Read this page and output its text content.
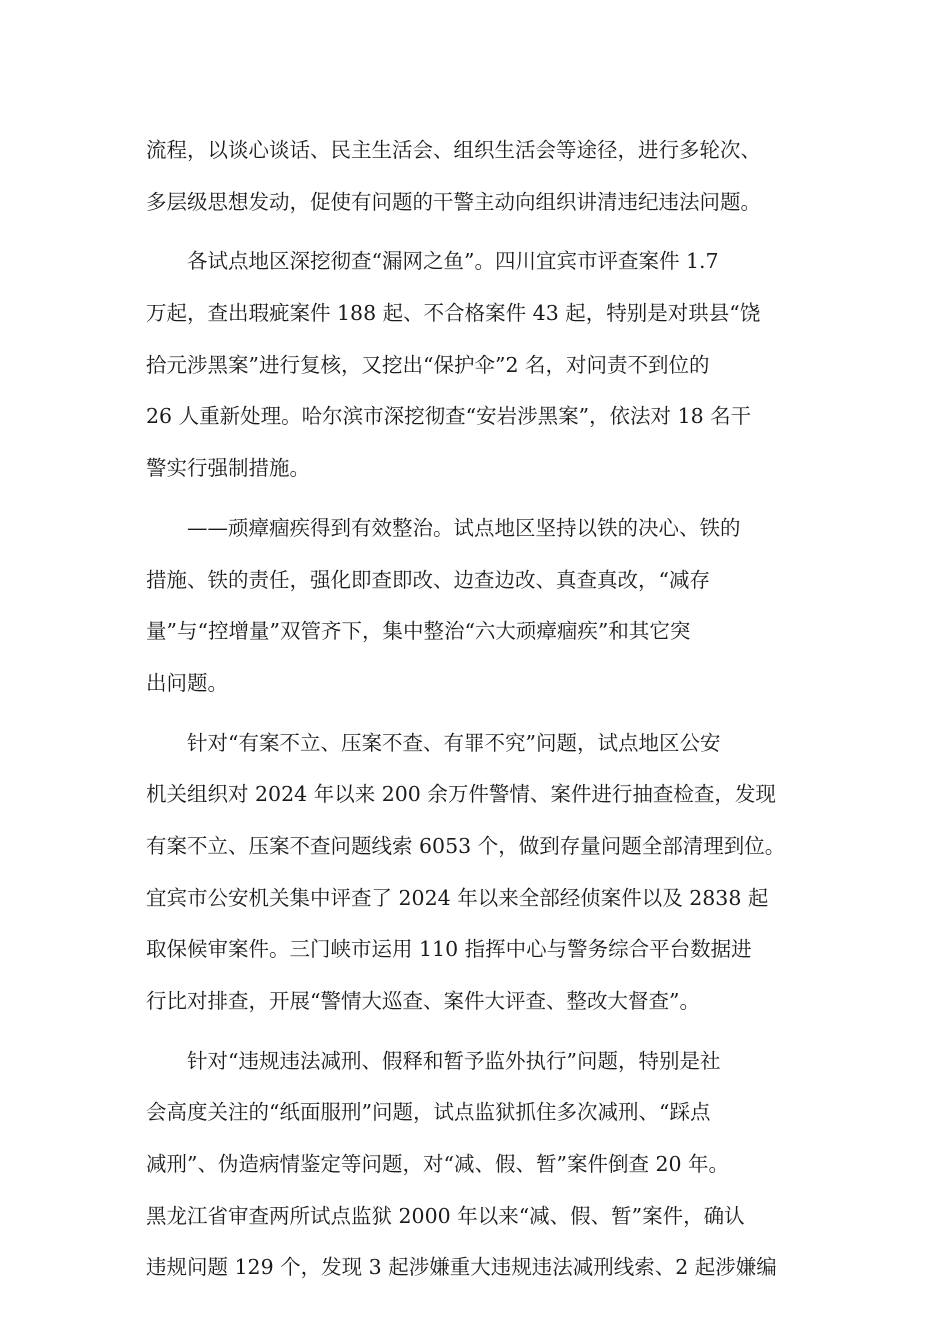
流程，以谈心谈话、民主生活会、组织生活会等途径，进行多轮次、
多层级思想发动，促使有问题的干警主动向组织讲清违纪违法问题。
各试点地区深挖彻查“漏网之鱼”。四川宜宾市评查案件 1.7
万起，查出瑕疵案件 188 起、不合格案件 43 起，特别是对珙县“饶
拾元涉黑案”进行复核，又挖出“保护伞”2 名，对问责不到位的
26 人重新处理。哈尔滨市深挖彻查“安岩涉黑案”，依法对 18 名干
警实行强制措施。
——顽瘴痼疾得到有效整治。试点地区坚持以铁的决心、铁的
措施、铁的责任，强化即查即改、边查边改、真查真改，“减存
量”与“控增量”双管齐下，集中整治“六大顽瘴痼疾”和其它突
出问题。
针对“有案不立、压案不查、有罪不究”问题，试点地区公安
机关组织对 2024 年以来 200 余万件警情、案件进行抽查检查，发现
有案不立、压案不查问题线索 6053 个，做到存量问题全部清理到位。
宜宾市公安机关集中评查了 2024 年以来全部经侦案件以及 2838 起
取保候审案件。三门峡市运用 110 指挥中心与警务综合平台数据进
行比对排查，开展“警情大巡查、案件大评查、整改大督查”。
针对“违规违法减刑、假释和暂予监外执行”问题，特别是社
会高度关注的“纸面服刑”问题，试点监狱抓住多次减刑、“踩点
减刑”、伪造病情鉴定等问题，对“减、假、暂”案件倒查 20 年。
黑龙江省审查两所试点监狱 2000 年以来“减、假、暂”案件，确认
违规问题 129 个，发现 3 起涉嫌重大违规违法减刑线索、2 起涉嫌编
